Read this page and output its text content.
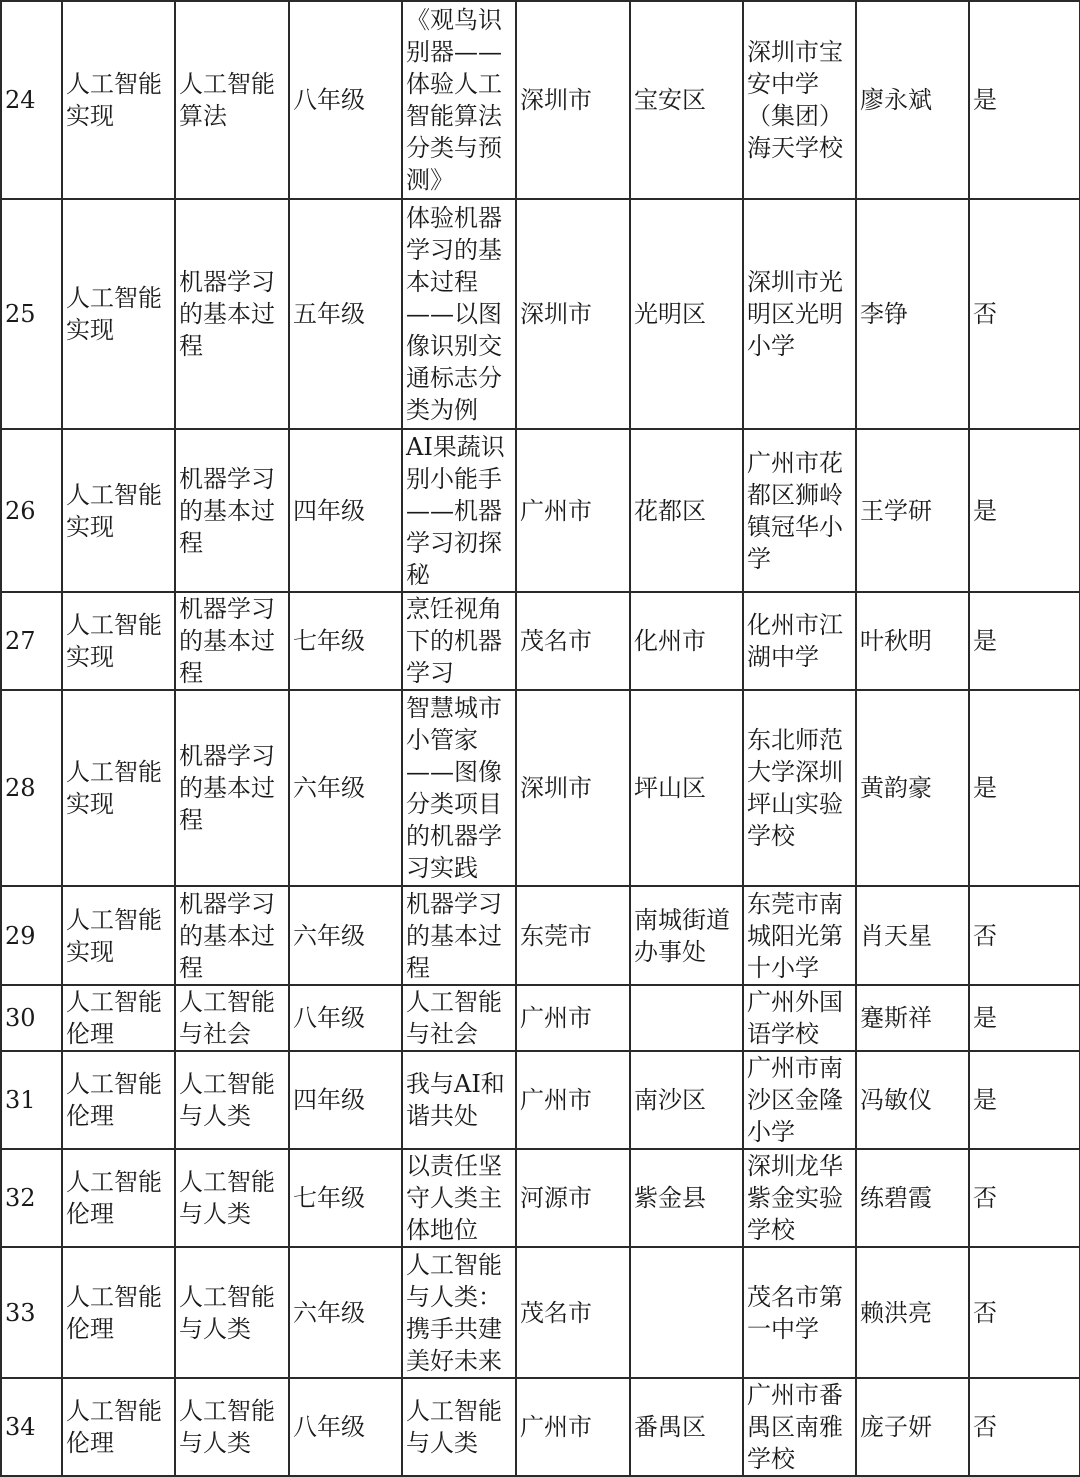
24	人工智能实现	人工智能算法	八年级	《观鸟识别器——体验人工智能算法分类与预测》	深圳市	宝安区	深圳市宝安中学（集团）海天学校	廖永斌	是
25	人工智能实现	机器学习的基本过程	五年级	体验机器学习的基本过程——以图像识别交通标志分类为例	深圳市	光明区	深圳市光明区光明小学	李铮	否
26	人工智能实现	机器学习的基本过程	四年级	AI果蔬识别小能手——机器学习初探秘	广州市	花都区	广州市花都区狮岭镇冠华小学	王学研	是
27	人工智能实现	机器学习的基本过程	七年级	烹饪视角下的机器学习	茂名市	化州市	化州市江湖中学	叶秋明	是
28	人工智能实现	机器学习的基本过程	六年级	智慧城市小管家——图像分类项目的机器学习实践	深圳市	坪山区	东北师范大学深圳坪山实验学校	黄韵豪	是
29	人工智能实现	机器学习的基本过程	六年级	机器学习的基本过程	东莞市	南城街道办事处	东莞市南城阳光第十小学	肖天星	否
30	人工智能伦理	人工智能与社会	八年级	人工智能与社会	广州市		广州外国语学校	蹇斯祥	是
31	人工智能伦理	人工智能与人类	四年级	我与AI和谐共处	广州市	南沙区	广州市南沙区金隆小学	冯敏仪	是
32	人工智能伦理	人工智能与人类	七年级	以责任坚守人类主体地位	河源市	紫金县	深圳龙华紫金实验学校	练碧霞	否
33	人工智能伦理	人工智能与人类	六年级	人工智能与人类：携手共建美好未来	茂名市		茂名市第一中学	赖洪亮	否
34	人工智能伦理	人工智能与人类	八年级	人工智能与人类	广州市	番禺区	广州市番禺区南雅学校	庞子妍	否
